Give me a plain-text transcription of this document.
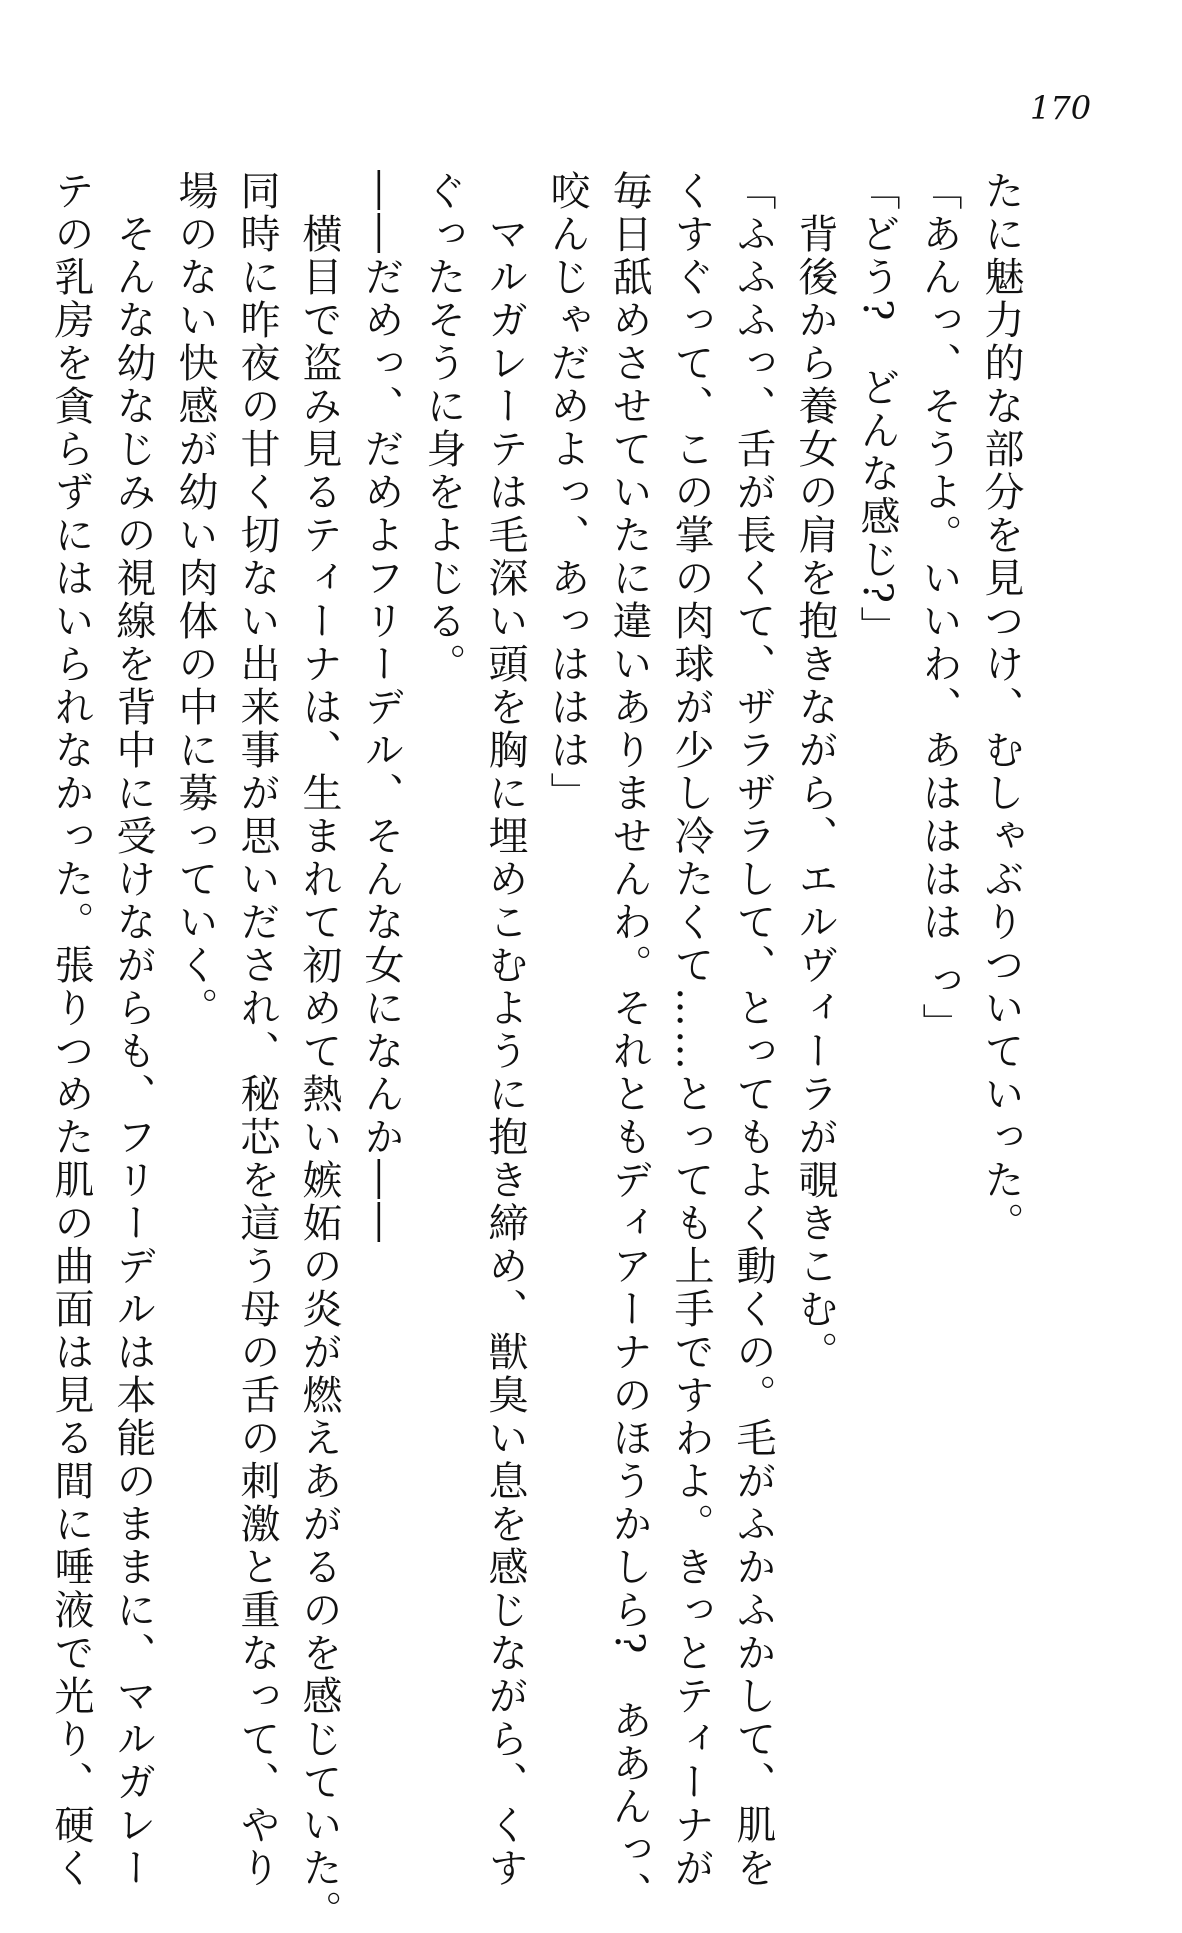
170
たに魅力的な部分を見つけ、むしゃぶりついていった。
「あんっ、そうよ。いいわ、あはははは っ」
「どう?　どんな感じ?」
　背後から養女の肩を抱きながら、エルヴィーラが覗きこむ。
「ふふふっ、舌が長くて、ザラザラして、とってもよく動くの。毛がふかふかして、肌を
くすぐって、この掌の肉球が少し冷たくて……とっても上手ですわよ。きっとティーナが
毎日舐めさせていたに違いありませんわ。それともディアーナのほうかしら?　ああんっ、
咬んじゃだめよっ、あっははは」
　マルガレーテは毛深い頭を胸に埋めこむように抱き締め、獣臭い息を感じながら、くす
ぐったそうに身をよじる。
――だめっ、だめよフリーデル、そんな女になんか――
　横目で盗み見るティーナは、生まれて初めて熱い嫉妬の炎が燃えあがるのを感じていた。
同時に昨夜の甘く切ない出来事が思いだされ、秘芯を這う母の舌の刺激と重なって、やり
場のない快感が幼い肉体の中に募っていく。
　そんな幼なじみの視線を背中に受けながらも、フリーデルは本能のままに、マルガレー
テの乳房を貪らずにはいられなかった。張りつめた肌の曲面は見る間に唾液で光り、硬く
